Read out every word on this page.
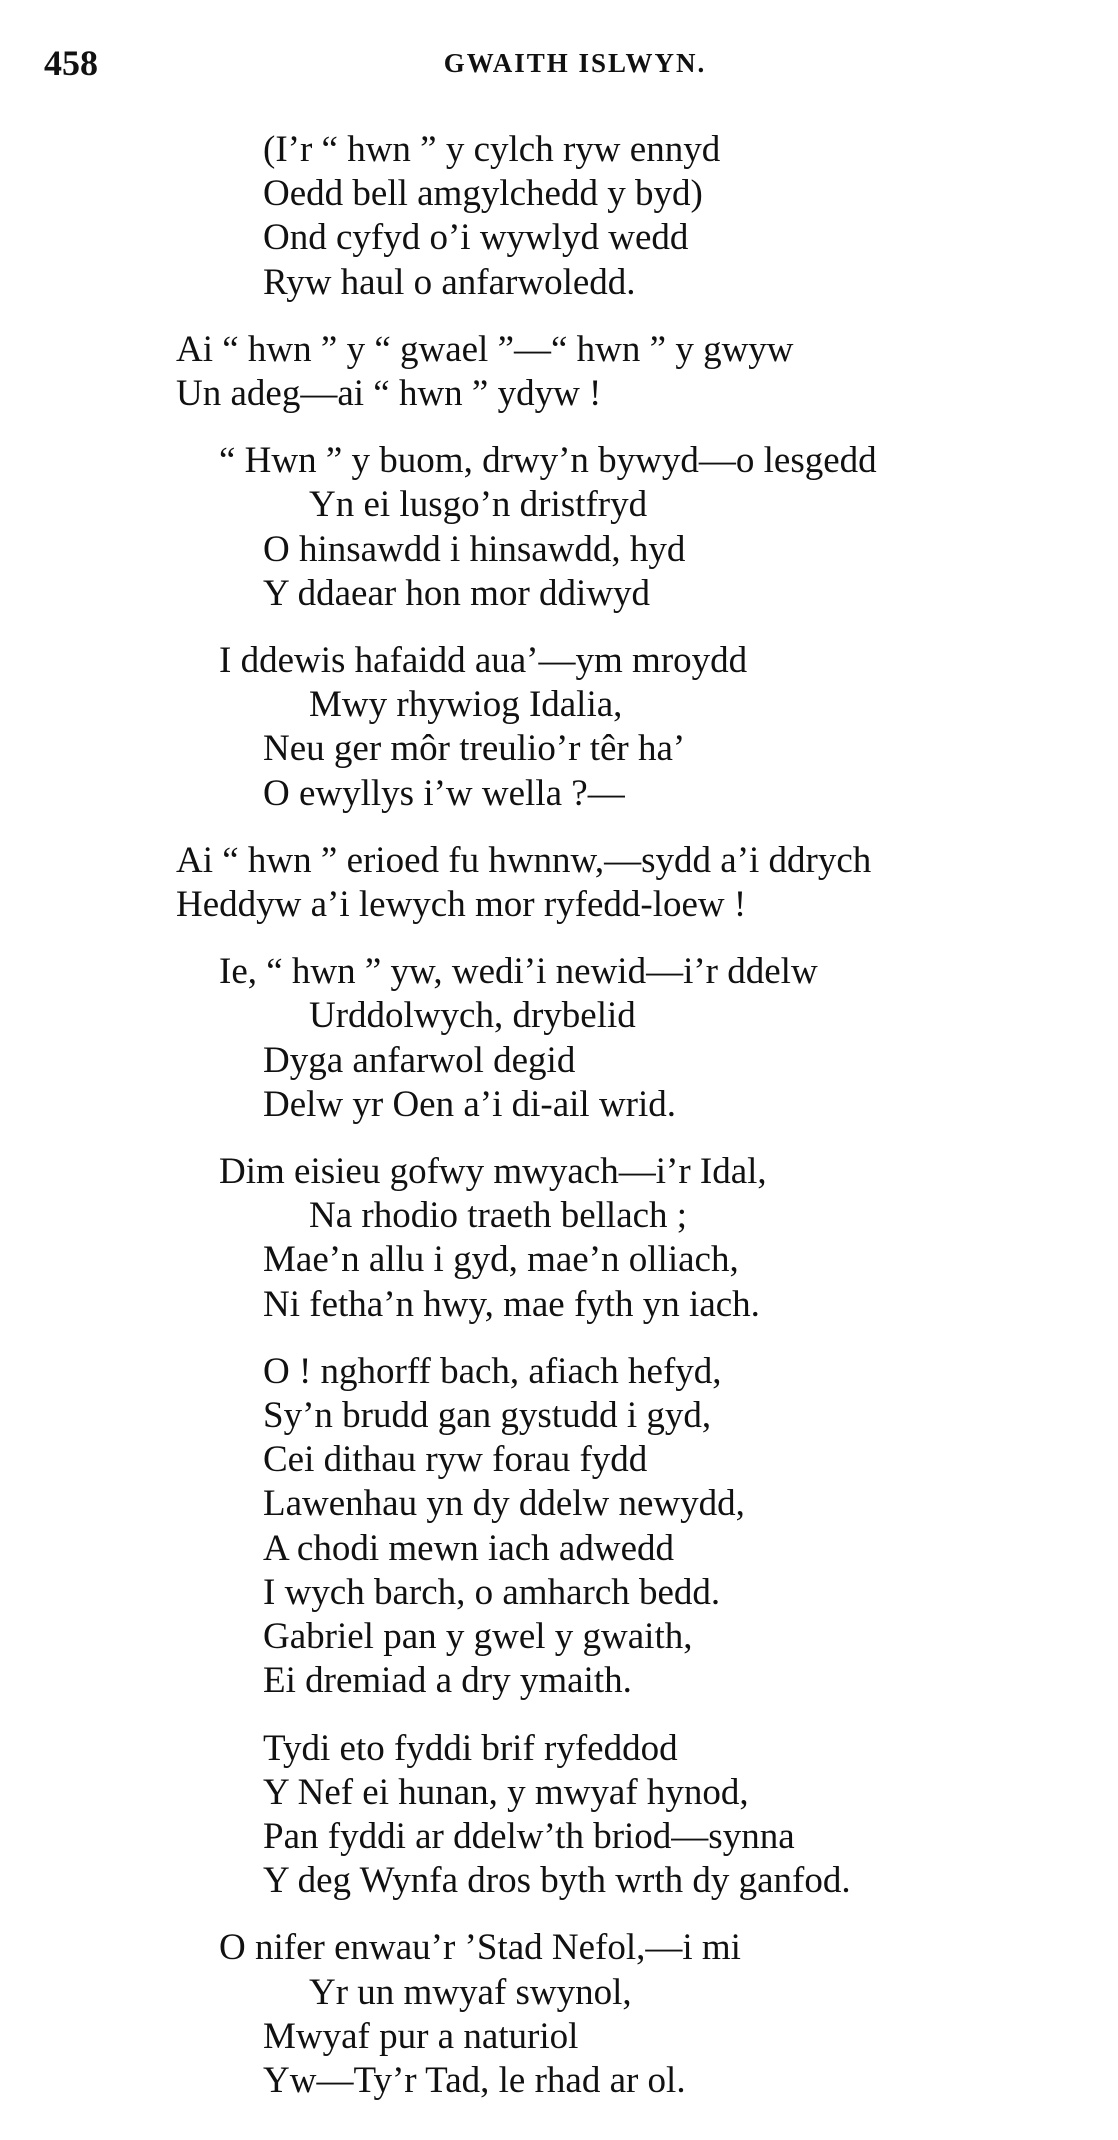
458	GWAITH ISLWYN.
(I’r “ hwn ” y cylch ryw ennyd
Oedd bell amgylchedd y byd)
Ond cyfyd o’i wywlyd wedd
Ryw haul o anfarwoledd.
Ai “ hwn ” y “ gwael ”—“ hwn ” y gwyw
Un adeg—ai “ hwn ” ydyw !
“ Hwn ” y buom, drwy’n bywyd—o lesgedd
Yn ei lusgo’n dristfryd
O hinsawdd i hinsawdd, hyd
Y ddaear hon mor ddiwyd
I ddewis hafaidd aua’—ym mroydd
Mwy rhywiog Idalia,
Neu ger môr treulio’r têr ha’
O ewyllys i’w wella ?—
Ai “ hwn ” erioed fu hwnnw,—sydd a’i ddrych
Heddyw a’i lewych mor ryfedd-loew !
Ie, “ hwn ” yw, wedi’i newid—i’r ddelw
Urddolwych, drybelid
Dyga anfarwol degid
Delw yr Oen a’i di-ail wrid.
Dim eisieu gofwy mwyach—i’r Idal,
Na rhodio traeth bellach ;
Mae’n allu i gyd, mae’n olliach,
Ni fetha’n hwy, mae fyth yn iach.
O ! nghorff bach, afiach hefyd,
Sy’n brudd gan gystudd i gyd,
Cei dithau ryw forau fydd
Lawenhau yn dy ddelw newydd,
A chodi mewn iach adwedd
I wych barch, o amharch bedd.
Gabriel pan y gwel y gwaith,
Ei dremiad a dry ymaith.
Tydi eto fyddi brif ryfeddod
Y Nef ei hunan, y mwyaf hynod,
Pan fyddi ar ddelw’th briod—synna
Y deg Wynfa dros byth wrth dy ganfod.
O nifer enwau’r ’Stad Nefol,—i mi
Yr un mwyaf swynol,
Mwyaf pur a naturiol
Yw—Ty’r Tad, le rhad ar ol.
